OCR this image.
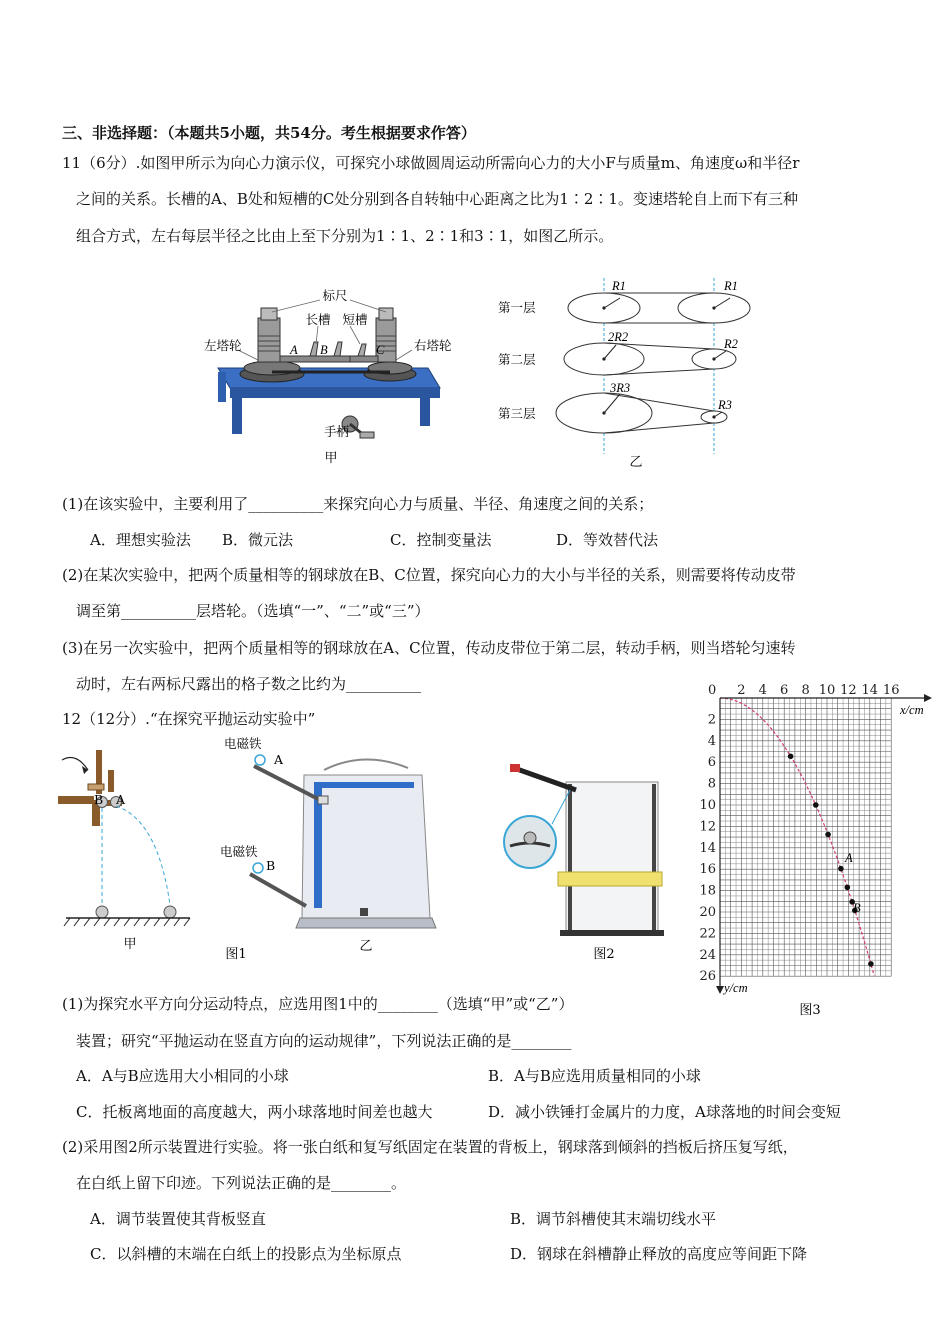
三、非选择题：（本题共5小题，共54分。考生根据要求作答）
11（6分）.如图甲所示为向心力演示仪，可探究小球做圆周运动所需向心力的大小F与质量m、角速度ω和半径r
之间的关系。长槽的A、B处和短槽的C处分别到各自转轴中心距离之比为1∶2∶1。变速塔轮自上而下有三种
组合方式，左右每层半径之比由上至下分别为1∶1、2∶1和3∶1，如图乙所示。
标尺
长槽 短槽
左塔轮	右塔轮
A B	C
手柄
甲
第一层
第二层
第三层
R1	R1
2R2	R2
3R3
R3
乙
(1)在该实验中，主要利用了__________来探究向心力与质量、半径、角速度之间的关系；
A．理想实验法 B．微元法	C．控制变量法	D．等效替代法
(2)在某次实验中，把两个质量相等的钢球放在B、C位置，探究向心力的大小与半径的关系，则需要将传动皮带
调至第__________层塔轮。（选填“一”、“二”或“三”）
(3)在另一次实验中，把两个质量相等的钢球放在A、C位置，传动皮带位于第二层，转动手柄，则当塔轮匀速转
动时，左右两标尺露出的格子数之比约为__________
12（12分）.“在探究平抛运动实验中”
B A
甲
电磁铁
A
电磁铁
B
乙
图1	图2
0 2 4 6 8 10 12 14 16
2
4
6
8
10
12
14
16
18
20
22
24
26
x/cm
y/cm
A
B
图3
(1)为探究水平方向分运动特点，应选用图1中的________（选填“甲”或“乙”）
装置；研究“平抛运动在竖直方向的运动规律”，下列说法正确的是________
A．A与B应选用大小相同的小球	B．A与B应选用质量相同的小球
C．托板离地面的高度越大，两小球落地时间差也越大	D．减小铁锤打金属片的力度，A球落地的时间会变短
(2)采用图2所示装置进行实验。将一张白纸和复写纸固定在装置的背板上，钢球落到倾斜的挡板后挤压复写纸，
在白纸上留下印迹。下列说法正确的是________。
A．调节装置使其背板竖直	B．调节斜槽使其末端切线水平
C．以斜槽的末端在白纸上的投影点为坐标原点	D．钢球在斜槽静止释放的高度应等间距下降
